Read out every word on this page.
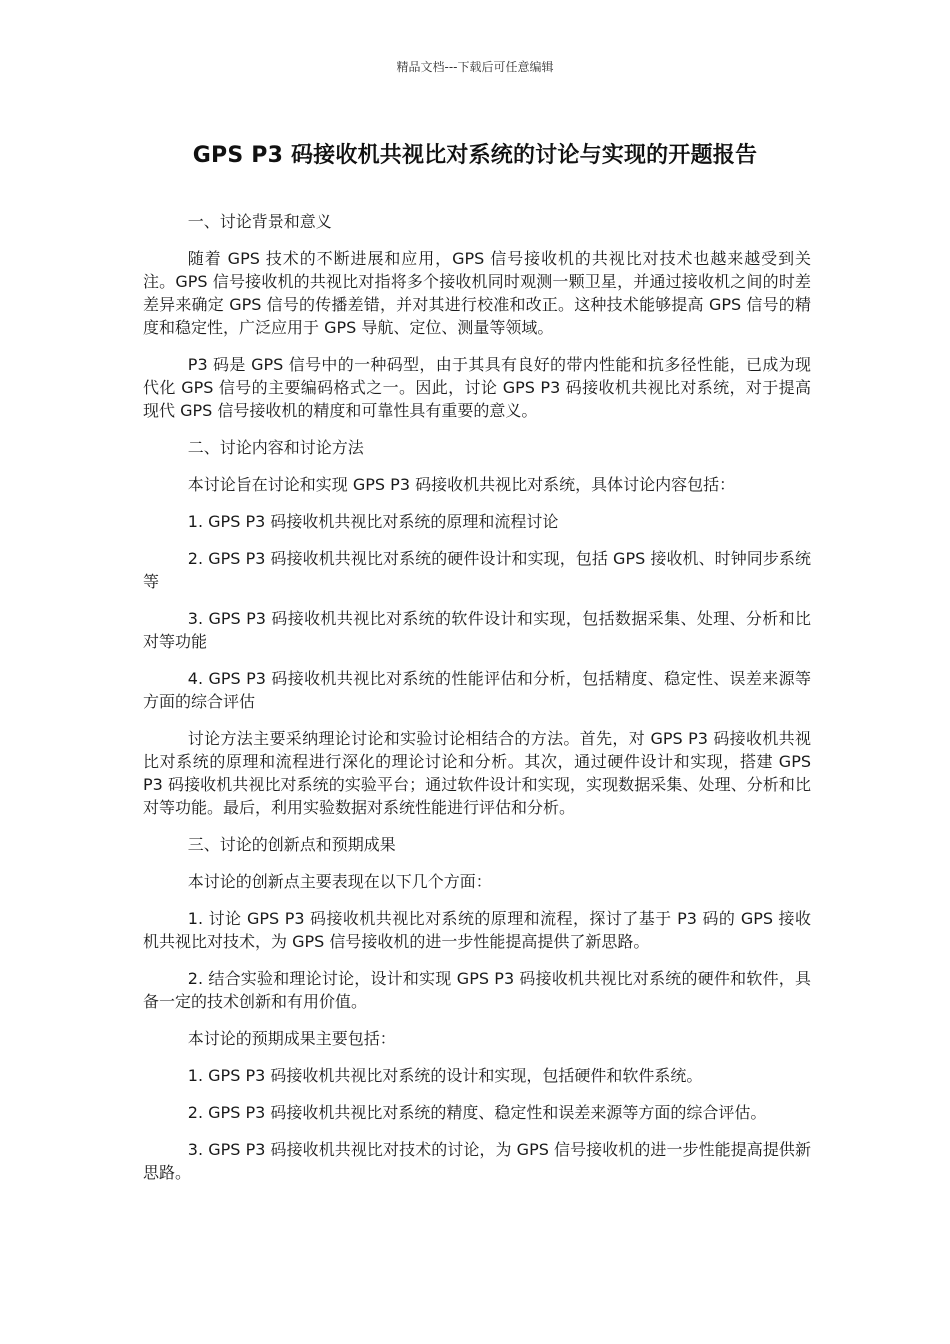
精品文档---下载后可任意编辑
GPS P3 码接收机共视比对系统的讨论与实现的开题报告

一、讨论背景和意义

随着 GPS 技术的不断进展和应用，GPS 信号接收机的共视比对技术也越来越受到关注。GPS 信号接收机的共视比对指将多个接收机同时观测一颗卫星，并通过接收机之间的时差差异来确定 GPS 信号的传播差错，并对其进行校准和改正。这种技术能够提高 GPS 信号的精度和稳定性，广泛应用于 GPS 导航、定位、测量等领域。

P3 码是 GPS 信号中的一种码型，由于其具有良好的带内性能和抗多径性能，已成为现代化 GPS 信号的主要编码格式之一。因此，讨论 GPS P3 码接收机共视比对系统，对于提高现代 GPS 信号接收机的精度和可靠性具有重要的意义。

二、讨论内容和讨论方法

本讨论旨在讨论和实现 GPS P3 码接收机共视比对系统，具体讨论内容包括：

1. GPS P3 码接收机共视比对系统的原理和流程讨论

2. GPS P3 码接收机共视比对系统的硬件设计和实现，包括 GPS 接收机、时钟同步系统等

3. GPS P3 码接收机共视比对系统的软件设计和实现，包括数据采集、处理、分析和比对等功能

4. GPS P3 码接收机共视比对系统的性能评估和分析，包括精度、稳定性、误差来源等方面的综合评估

讨论方法主要采纳理论讨论和实验讨论相结合的方法。首先，对 GPS P3 码接收机共视比对系统的原理和流程进行深化的理论讨论和分析。其次，通过硬件设计和实现，搭建 GPS P3 码接收机共视比对系统的实验平台；通过软件设计和实现，实现数据采集、处理、分析和比对等功能。最后，利用实验数据对系统性能进行评估和分析。

三、讨论的创新点和预期成果

本讨论的创新点主要表现在以下几个方面：

1. 讨论 GPS P3 码接收机共视比对系统的原理和流程，探讨了基于 P3 码的 GPS 接收机共视比对技术，为 GPS 信号接收机的进一步性能提高提供了新思路。

2. 结合实验和理论讨论，设计和实现 GPS P3 码接收机共视比对系统的硬件和软件，具备一定的技术创新和有用价值。

本讨论的预期成果主要包括：

1. GPS P3 码接收机共视比对系统的设计和实现，包括硬件和软件系统。

2. GPS P3 码接收机共视比对系统的精度、稳定性和误差来源等方面的综合评估。

3. GPS P3 码接收机共视比对技术的讨论，为 GPS 信号接收机的进一步性能提高提供新思路。
